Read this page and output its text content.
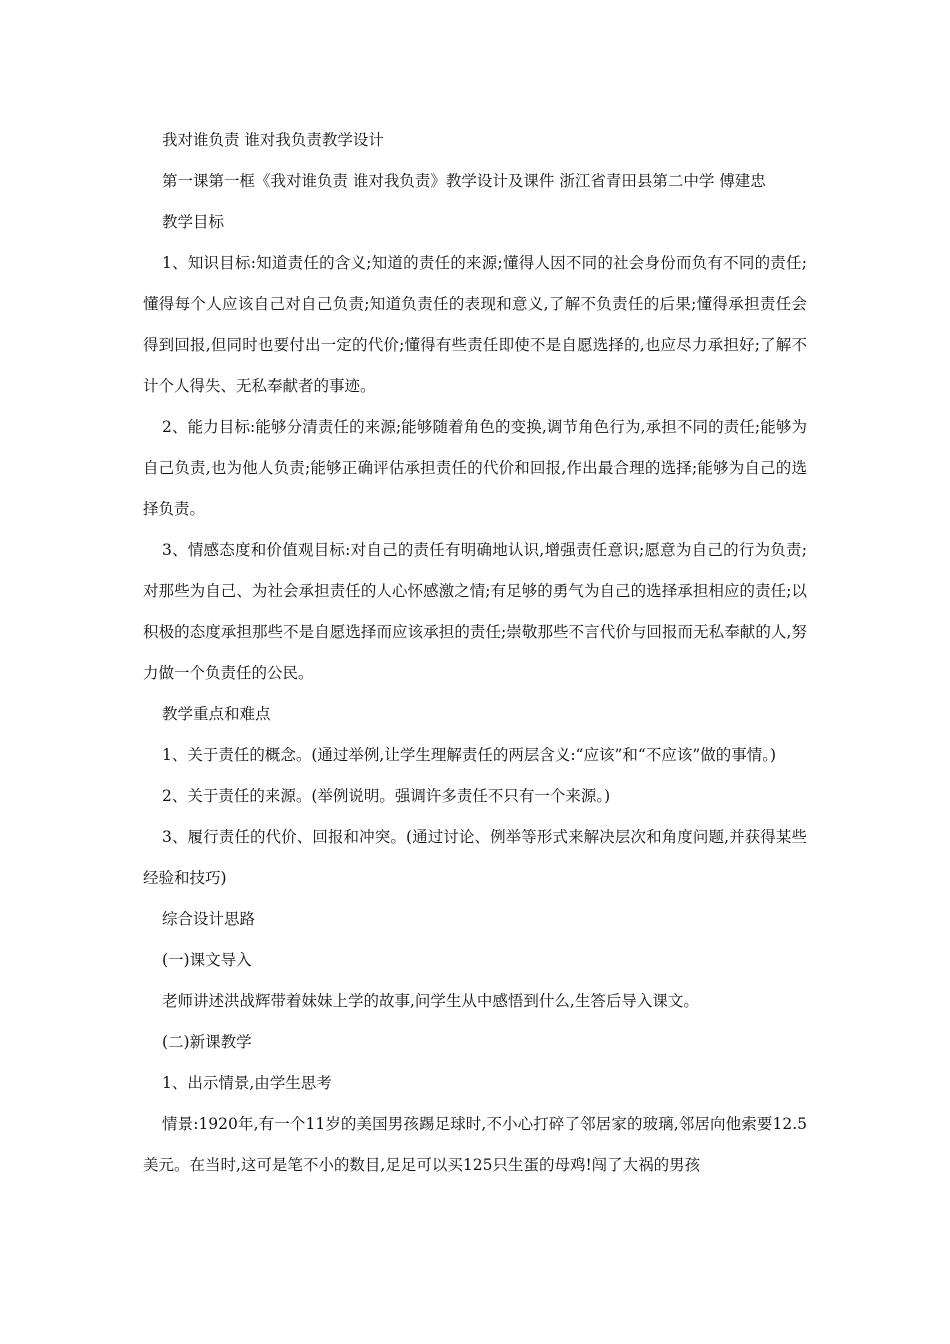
我对谁负责 谁对我负责教学设计

第一课第一框《我对谁负责 谁对我负责》教学设计及课件 浙江省青田县第二中学 傅建忠

教学目标

1、知识目标:知道责任的含义;知道的责任的来源;懂得人因不同的社会身份而负有不同的责任;懂得每个人应该自己对自己负责;知道负责任的表现和意义,了解不负责任的后果;懂得承担责任会得到回报,但同时也要付出一定的代价;懂得有些责任即使不是自愿选择的,也应尽力承担好;了解不计个人得失、无私奉献者的事迹。

2、能力目标:能够分清责任的来源;能够随着角色的变换,调节角色行为,承担不同的责任;能够为自己负责,也为他人负责;能够正确评估承担责任的代价和回报,作出最合理的选择;能够为自己的选择负责。

3、情感态度和价值观目标:对自己的责任有明确地认识,增强责任意识;愿意为自己的行为负责;对那些为自己、为社会承担责任的人心怀感激之情;有足够的勇气为自己的选择承担相应的责任;以积极的态度承担那些不是自愿选择而应该承担的责任;崇敬那些不言代价与回报而无私奉献的人,努力做一个负责任的公民。

教学重点和难点

1、关于责任的概念。(通过举例,让学生理解责任的两层含义:“应该”和“不应该”做的事情。)

2、关于责任的来源。(举例说明。强调许多责任不只有一个来源。)

3、履行责任的代价、回报和冲突。(通过讨论、例举等形式来解决层次和角度问题,并获得某些经验和技巧)

综合设计思路

(一)课文导入

老师讲述洪战辉带着妹妹上学的故事,问学生从中感悟到什么,生答后导入课文。

(二)新课教学

1、出示情景,由学生思考

情景:1920年,有一个11岁的美国男孩踢足球时,不小心打碎了邻居家的玻璃,邻居向他索要12.5美元。在当时,这可是笔不小的数目,足足可以买125只生蛋的母鸡!闯了大祸的男孩
